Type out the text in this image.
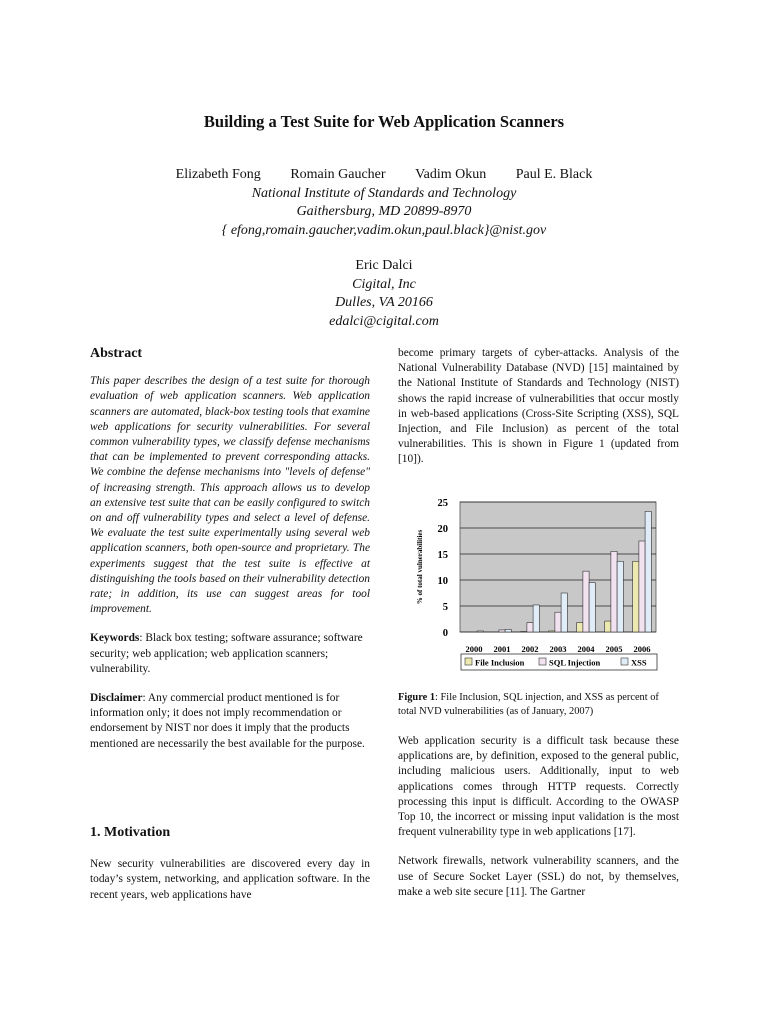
Building a Test Suite for Web Application Scanners
Elizabeth Fong Romain Gaucher Vadim Okun Paul E. Black
National Institute of Standards and Technology
Gaithersburg, MD 20899-8970
{ efong,romain.gaucher,vadim.okun,paul.black}@nist.gov
Eric Dalci
Cigital, Inc
Dulles, VA 20166
edalci@cigital.com
Abstract

This paper describes the design of a test suite for thorough evaluation of web application scanners. Web application scanners are automated, black-box testing tools that examine web applications for security vulnerabilities. For several common vulnerability types, we classify defense mechanisms that can be implemented to prevent corresponding attacks. We combine the defense mechanisms into "levels of defense" of increasing strength. This approach allows us to develop an extensive test suite that can be easily configured to switch on and off vulnerability types and select a level of defense. We evaluate the test suite experimentally using several web application scanners, both open-source and proprietary. The experiments suggest that the test suite is effective at distinguishing the tools based on their vulnerability detection rate; in addition, its use can suggest areas for tool improvement.

Keywords: Black box testing; software assurance; software security; web application; web application scanners; vulnerability.

Disclaimer: Any commercial product mentioned is for information only; it does not imply recommendation or endorsement by NIST nor does it imply that the products mentioned are necessarily the best available for the purpose.

1. Motivation

New security vulnerabilities are discovered every day in today’s system, networking, and application software. In the recent years, web applications have

become primary targets of cyber-attacks. Analysis of the National Vulnerability Database (NVD) [15] maintained by the National Institute of Standards and Technology (NIST) shows the rapid increase of vulnerabilities that occur mostly in web-based applications (Cross-Site Scripting (XSS), SQL Injection, and File Inclusion) as percent of the total vulnerabilities. This is shown in Figure 1 (updated from [10]).

0
5
10
15
20
25
2000 2001 2002 2003 2004 2005 2006
% of total vulnerabilities
File Inclusion	SQL Injection	XSS
Figure 1: File Inclusion, SQL injection, and XSS as percent of total NVD vulnerabilities (as of January, 2007)

Web application security is a difficult task because these applications are, by definition, exposed to the general public, including malicious users. Additionally, input to web applications comes through HTTP requests. Correctly processing this input is difficult. According to the OWASP Top 10, the incorrect or missing input validation is the most frequent vulnerability type in web applications [17].

Network firewalls, network vulnerability scanners, and the use of Secure Socket Layer (SSL) do not, by themselves, make a web site secure [11]. The Gartner
